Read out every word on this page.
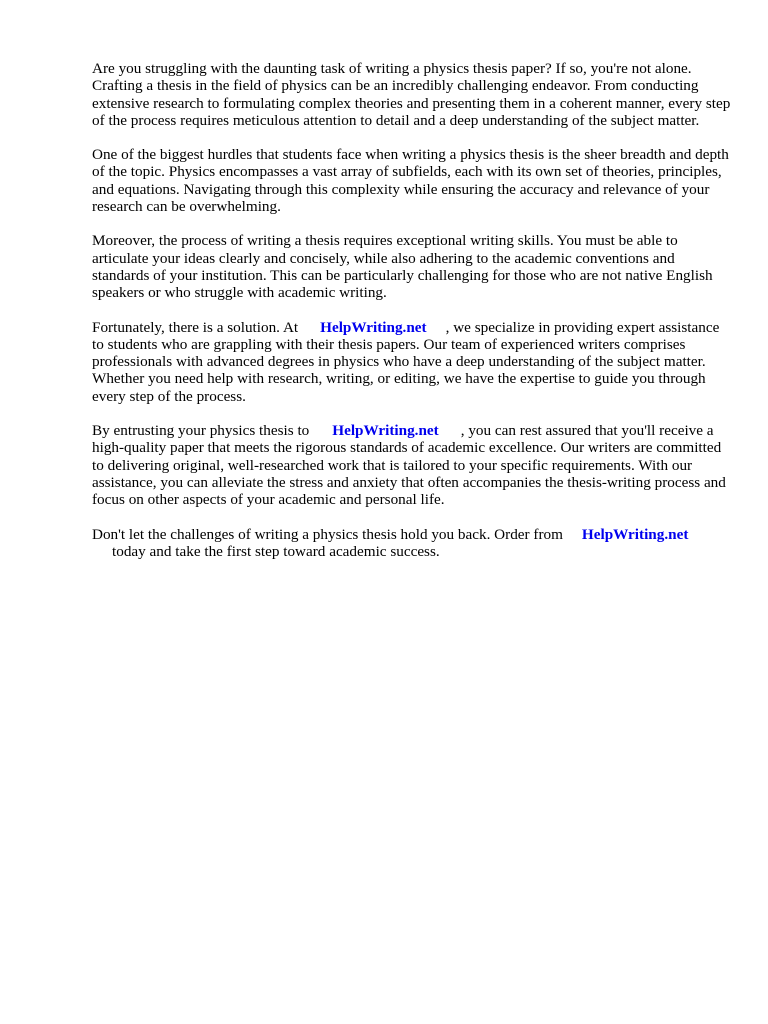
Are you struggling with the daunting task of writing a physics thesis paper? If so, you're not alone. Crafting a thesis in the field of physics can be an incredibly challenging endeavor. From conducting extensive research to formulating complex theories and presenting them in a coherent manner, every step of the process requires meticulous attention to detail and a deep understanding of the subject matter.

One of the biggest hurdles that students face when writing a physics thesis is the sheer breadth and depth of the topic. Physics encompasses a vast array of subfields, each with its own set of theories, principles, and equations. Navigating through this complexity while ensuring the accuracy and relevance of your research can be overwhelming.

Moreover, the process of writing a thesis requires exceptional writing skills. You must be able to articulate your ideas clearly and concisely, while also adhering to the academic conventions and standards of your institution. This can be particularly challenging for those who are not native English speakers or who struggle with academic writing.

Fortunately, there is a solution. At HelpWriting.net , we specialize in providing expert assistance to students who are grappling with their thesis papers. Our team of experienced writers comprises professionals with advanced degrees in physics who have a deep understanding of the subject matter. Whether you need help with research, writing, or editing, we have the expertise to guide you through every step of the process.

By entrusting your physics thesis to HelpWriting.net , you can rest assured that you'll receive a high-quality paper that meets the rigorous standards of academic excellence. Our writers are committed to delivering original, well-researched work that is tailored to your specific requirements. With our assistance, you can alleviate the stress and anxiety that often accompanies the thesis-writing process and focus on other aspects of your academic and personal life.

Don't let the challenges of writing a physics thesis hold you back. Order from HelpWriting.net
today and take the first step toward academic success.
